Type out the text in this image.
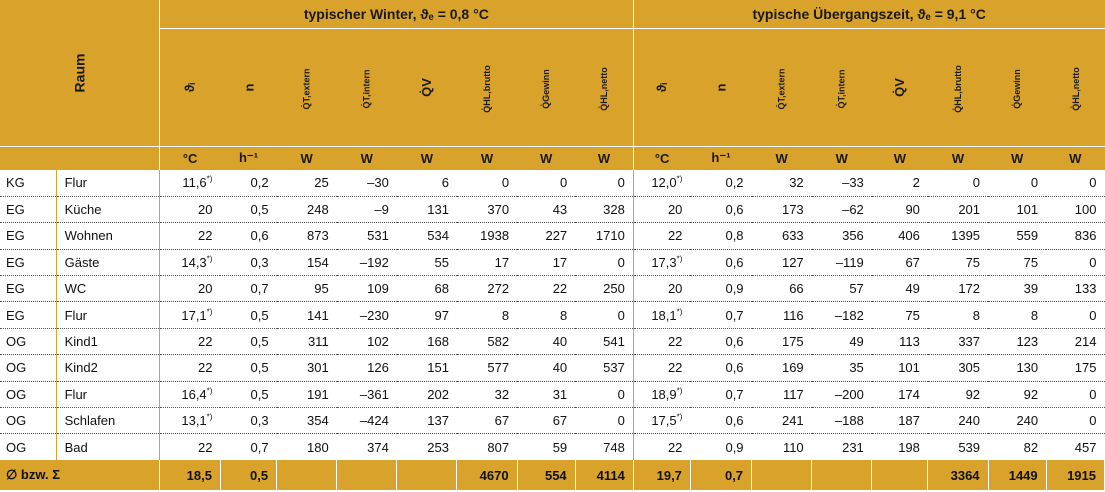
Raum		typischer Winter, ϑₑ = 0,8 °C								typische Übergangszeit, ϑₑ = 9,1 °C							
		ϑᵢ	n	Q̇T,extern	Q̇T,intern	Q̇V	Q̇HL,brutto	Q̇Gewinn	Q̇HL,netto	ϑᵢ	n	Q̇T,extern	Q̇T,intern	Q̇V	Q̇HL,brutto	Q̇Gewinn	Q̇HL,netto
		°C	h⁻¹	W	W	W	W	W	W	°C	h⁻¹	W	W	W	W	W	W
KG	Flur	11,6*)	0,2	25	–30	6	0	0	0	12,0*)	0,2	32	–33	2	0	0	0
EG	Küche	20	0,5	248	–9	131	370	43	328	20	0,6	173	–62	90	201	101	100
EG	Wohnen	22	0,6	873	531	534	1938	227	1710	22	0,8	633	356	406	1395	559	836
EG	Gäste	14,3*)	0,3	154	–192	55	17	17	0	17,3*)	0,6	127	–119	67	75	75	0
EG	WC	20	0,7	95	109	68	272	22	250	20	0,9	66	57	49	172	39	133
EG	Flur	17,1*)	0,5	141	–230	97	8	8	0	18,1*)	0,7	116	–182	75	8	8	0
OG	Kind1	22	0,5	311	102	168	582	40	541	22	0,6	175	49	113	337	123	214
OG	Kind2	22	0,5	301	126	151	577	40	537	22	0,6	169	35	101	305	130	175
OG	Flur	16,4*)	0,5	191	–361	202	32	31	0	18,9*)	0,7	117	–200	174	92	92	0
OG	Schlafen	13,1*)	0,3	354	–424	137	67	67	0	17,5*)	0,6	241	–188	187	240	240	0
OG	Bad	22	0,7	180	374	253	807	59	748	22	0,9	110	231	198	539	82	457
∅ bzw. Σ		18,5	0,5				4670	554	4114	19,7	0,7				3364	1449	1915
